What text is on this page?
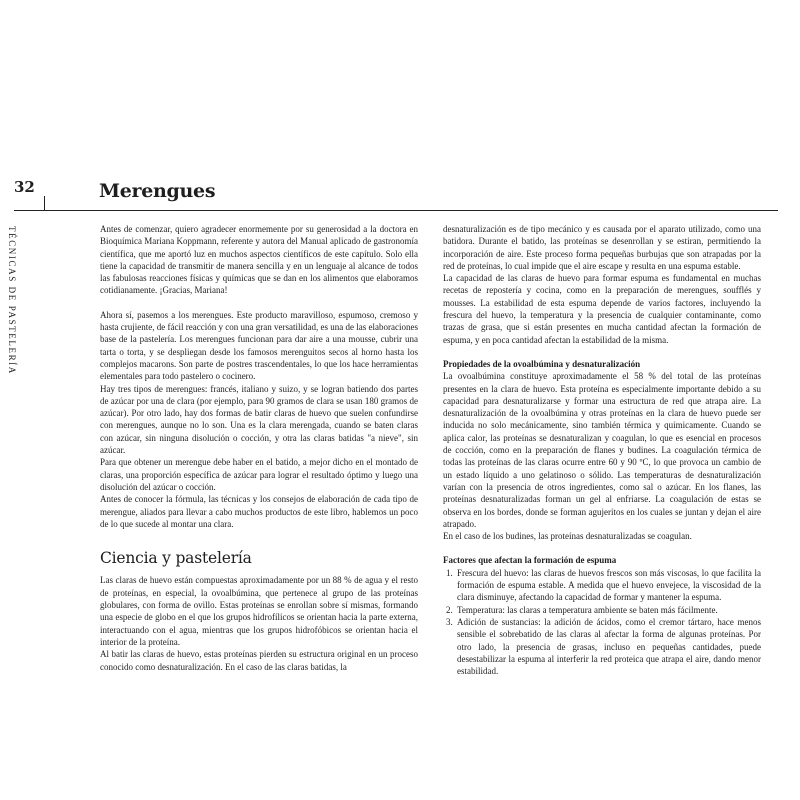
32
TÉCNICAS DE PASTELERÍA
Merengues

Antes de comenzar, quiero agradecer enormemente por su generosidad a la doctora en Bioquímica Mariana Koppmann, referente y autora del Manual aplicado de gastronomía científica, que me aportó luz en muchos aspectos científicos de este capítulo. Solo ella tiene la capacidad de transmitir de manera sencilla y en un lenguaje al alcance de todos las fabulosas reacciones físicas y químicas que se dan en los alimentos que elaboramos cotidianamente. ¡Gracias, Mariana!

Ahora sí, pasemos a los merengues. Este producto maravilloso, espumoso, cremoso y hasta crujiente, de fácil reacción y con una gran versatilidad, es una de las elaboraciones base de la pastelería. Los merengues funcionan para dar aire a una mousse, cubrir una tarta o torta, y se despliegan desde los famosos merenguitos secos al horno hasta los complejos macarons. Son parte de postres trascendentales, lo que los hace herramientas elementales para todo pastelero o cocinero.

Hay tres tipos de merengues: francés, italiano y suizo, y se logran batiendo dos partes de azúcar por una de clara (por ejemplo, para 90 gramos de clara se usan 180 gramos de azúcar). Por otro lado, hay dos formas de batir claras de huevo que suelen confundirse con merengues, aunque no lo son. Una es la clara merengada, cuando se baten claras con azúcar, sin ninguna disolución o cocción, y otra las claras batidas "a nieve", sin azúcar.

Para que obtener un merengue debe haber en el batido, a mejor dicho en el montado de claras, una proporción específica de azúcar para lograr el resultado óptimo y luego una disolución del azúcar o cocción.

Antes de conocer la fórmula, las técnicas y los consejos de elaboración de cada tipo de merengue, aliados para llevar a cabo muchos productos de este libro, hablemos un poco de lo que sucede al montar una clara.

Ciencia y pastelería

Las claras de huevo están compuestas aproximadamente por un 88 % de agua y el resto de proteínas, en especial, la ovoalbúmina, que pertenece al grupo de las proteínas globulares, con forma de ovillo. Estas proteínas se enrollan sobre sí mismas, formando una especie de globo en el que los grupos hidrofílicos se orientan hacia la parte externa, interactuando con el agua, mientras que los grupos hidrofóbicos se orientan hacia el interior de la proteína.

Al batir las claras de huevo, estas proteínas pierden su estructura original en un proceso conocido como desnaturalización. En el caso de las claras batidas, la

desnaturalización es de tipo mecánico y es causada por el aparato utilizado, como una batidora. Durante el batido, las proteínas se desenrollan y se estiran, permitiendo la incorporación de aire. Este proceso forma pequeñas burbujas que son atrapadas por la red de proteínas, lo cual impide que el aire escape y resulta en una espuma estable.

La capacidad de las claras de huevo para formar espuma es fundamental en muchas recetas de repostería y cocina, como en la preparación de merengues, soufflés y mousses. La estabilidad de esta espuma depende de varios factores, incluyendo la frescura del huevo, la temperatura y la presencia de cualquier contaminante, como trazas de grasa, que si están presentes en mucha cantidad afectan la formación de espuma, y en poca cantidad afectan la estabilidad de la misma.

Propiedades de la ovoalbúmina y desnaturalización

La ovoalbúmina constituye aproximadamente el 58 % del total de las proteínas presentes en la clara de huevo. Esta proteína es especialmente importante debido a su capacidad para desnaturalizarse y formar una estructura de red que atrapa aire. La desnaturalización de la ovoalbúmina y otras proteínas en la clara de huevo puede ser inducida no solo mecánicamente, sino también térmica y químicamente. Cuando se aplica calor, las proteínas se desnaturalizan y coagulan, lo que es esencial en procesos de cocción, como en la preparación de flanes y budines. La coagulación térmica de todas las proteínas de las claras ocurre entre 60 y 90 ºC, lo que provoca un cambio de un estado líquido a uno gelatinoso o sólido. Las temperaturas de desnaturalización varían con la presencia de otros ingredientes, como sal o azúcar. En los flanes, las proteínas desnaturalizadas forman un gel al enfriarse. La coagulación de estas se observa en los bordes, donde se forman agujeritos en los cuales se juntan y dejan el aire atrapado.

En el caso de los budines, las proteínas desnaturalizadas se coagulan.

Factores que afectan la formación de espuma
1. Frescura del huevo: las claras de huevos frescos son más viscosas, lo que facilita la formación de espuma estable. A medida que el huevo envejece, la viscosidad de la clara disminuye, afectando la capacidad de formar y mantener la espuma.
2. Temperatura: las claras a temperatura ambiente se baten más fácilmente.
3. Adición de sustancias: la adición de ácidos, como el cremor tártaro, hace menos sensible el sobrebatido de las claras al afectar la forma de algunas proteínas. Por otro lado, la presencia de grasas, incluso en pequeñas cantidades, puede desestabilizar la espuma al interferir la red proteica que atrapa el aire, dando menor estabilidad.
